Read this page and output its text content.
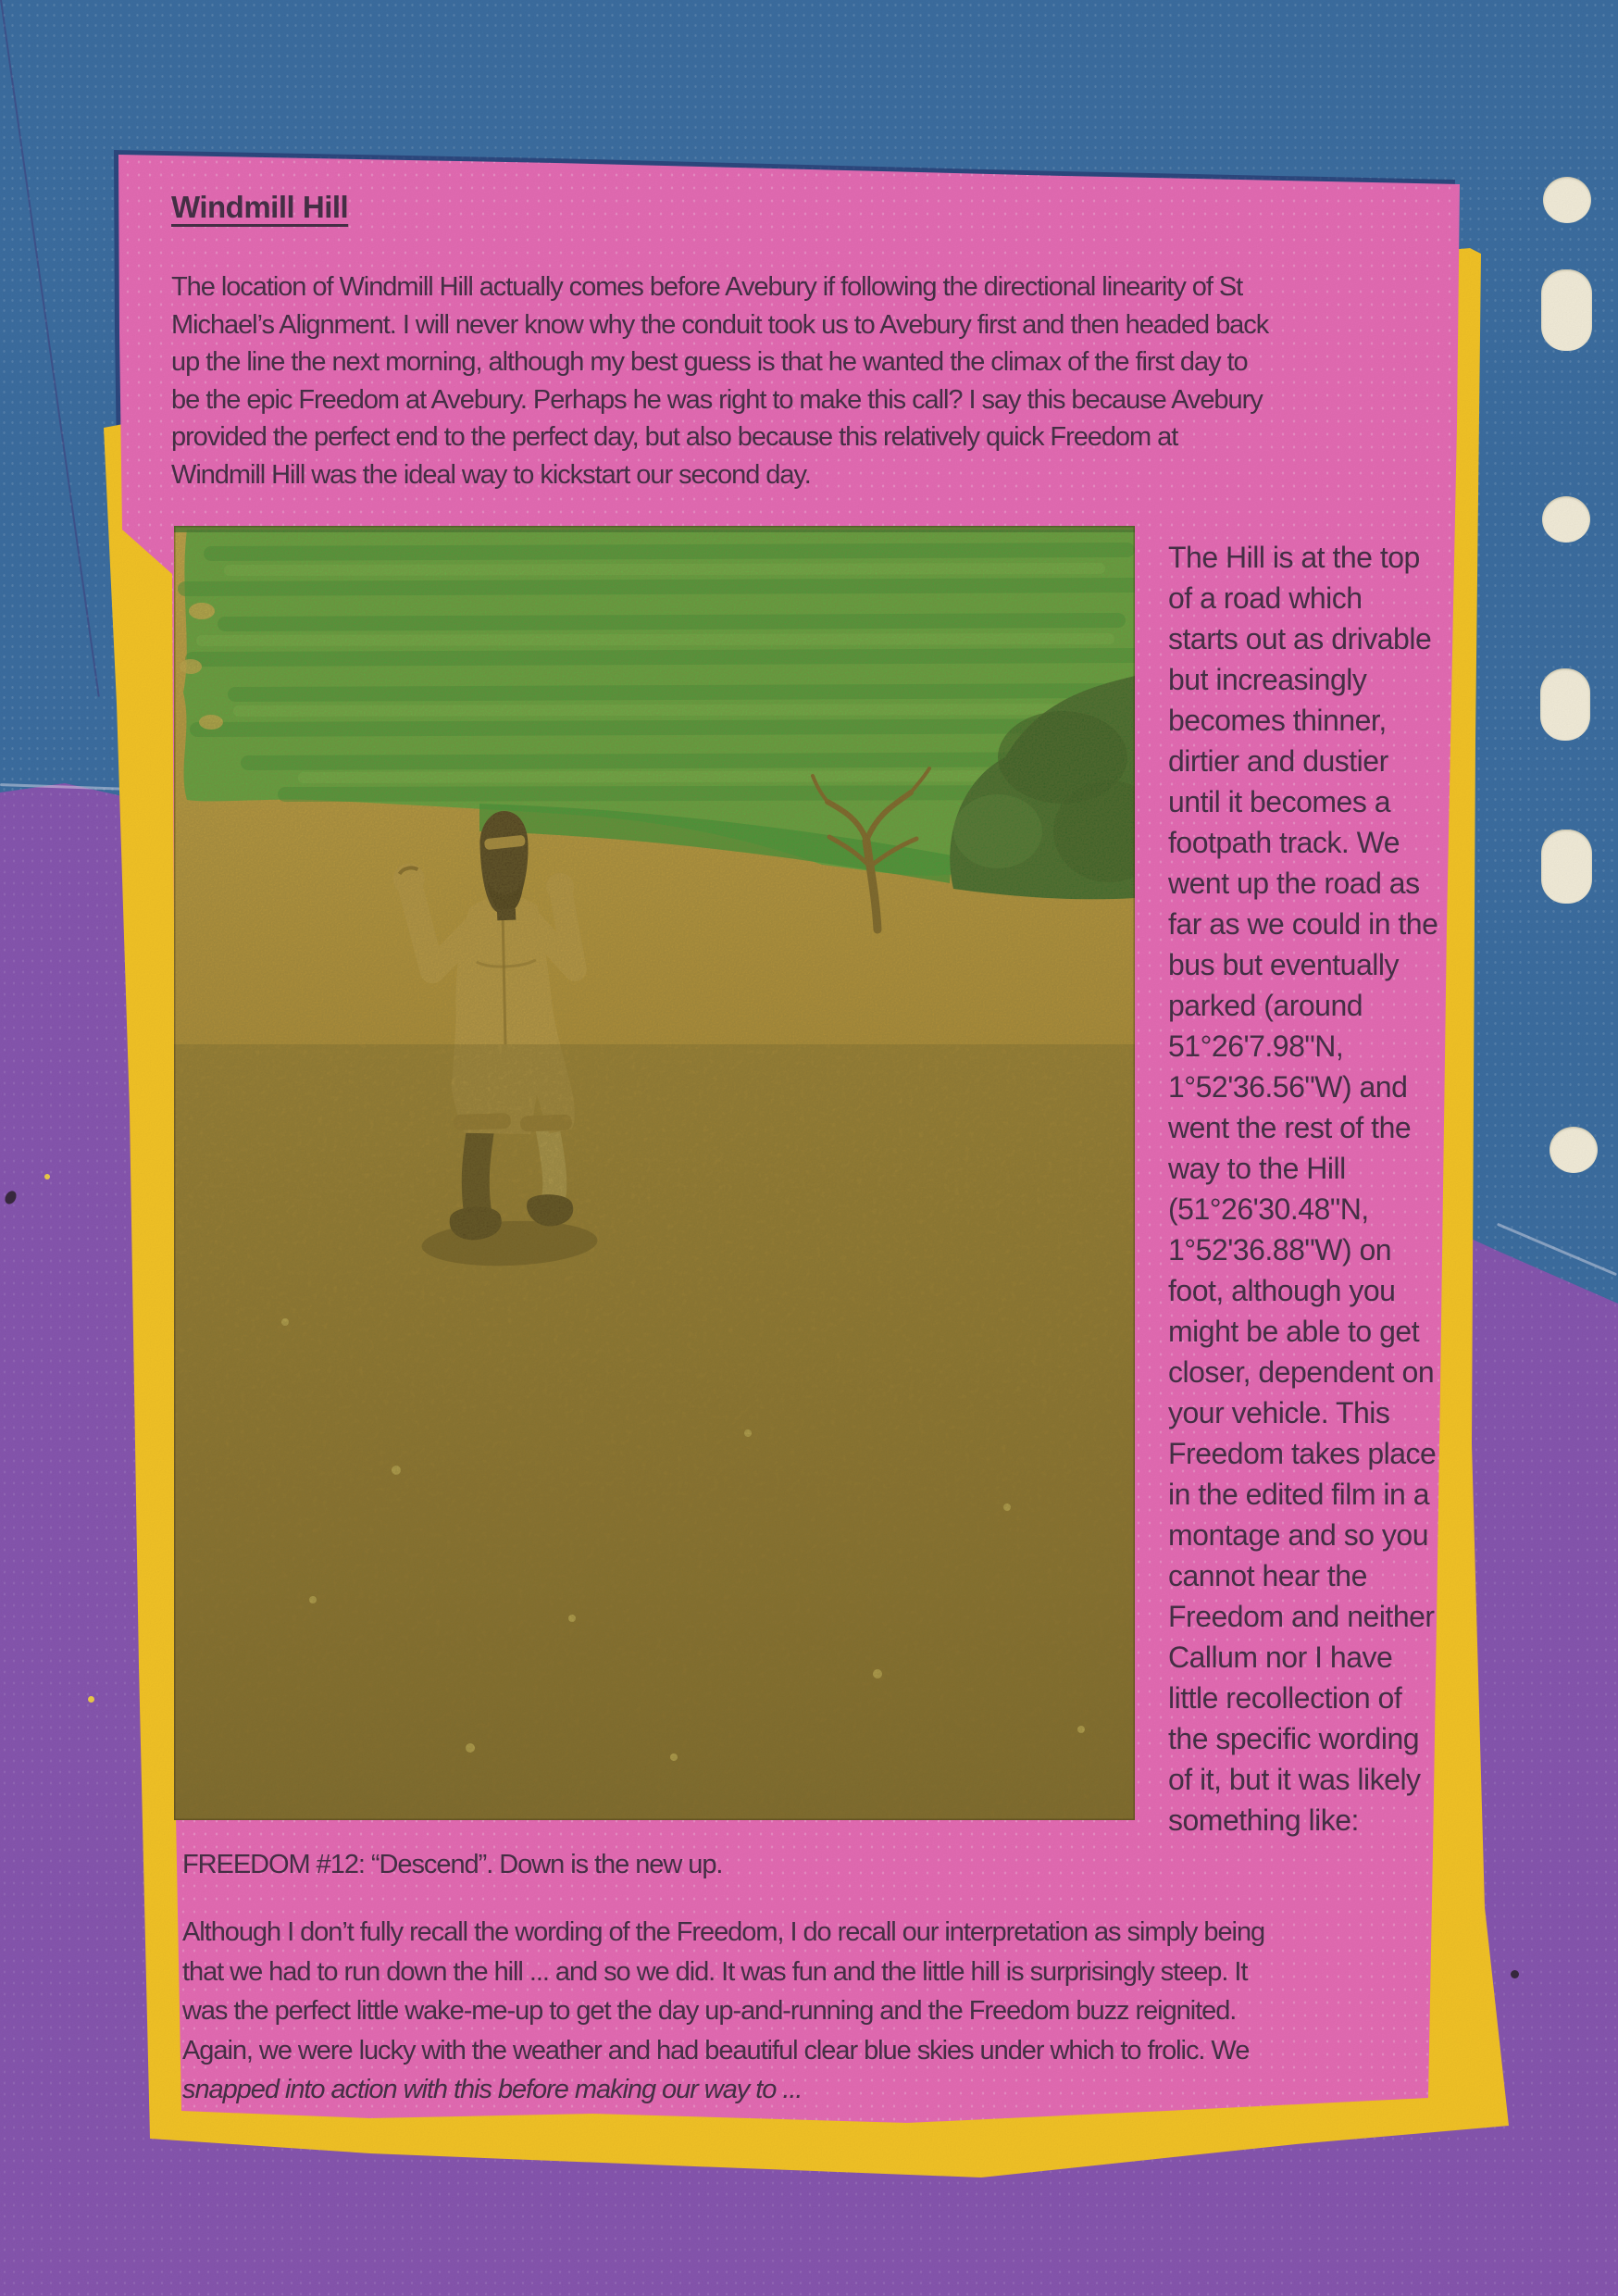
Windmill Hill
The location of Windmill Hill actually comes before Avebury if following the directional linearity of St
Michael’s Alignment. I will never know why the conduit took us to Avebury first and then headed back
up the line the next morning, although my best guess is that he wanted the climax of the first day to
be the epic Freedom at Avebury. Perhaps he was right to make this call? I say this because Avebury
provided the perfect end to the perfect day, but also because this relatively quick Freedom at
Windmill Hill was the ideal way to kickstart our second day.
The Hill is at the top
of a road which
starts out as drivable
but increasingly
becomes thinner,
dirtier and dustier
until it becomes a
footpath track. We
went up the road as
far as we could in the
bus but eventually
parked (around
51°26'7.98"N,
1°52'36.56"W) and
went the rest of the
way to the Hill
(51°26'30.48"N,
1°52'36.88"W) on
foot, although you
might be able to get
closer, dependent on
your vehicle. This
Freedom takes place
in the edited film in a
montage and so you
cannot hear the
Freedom and neither
Callum nor I have
little recollection of
the specific wording
of it, but it was likely
something like:
FREEDOM #12: “Descend”. Down is the new up.
Although I don’t fully recall the wording of the Freedom, I do recall our interpretation as simply being
that we had to run down the hill ... and so we did. It was fun and the little hill is surprisingly steep. It
was the perfect little wake-me-up to get the day up-and-running and the Freedom buzz reignited.
Again, we were lucky with the weather and had beautiful clear blue skies under which to frolic. We
snapped into action with this before making our way to ...
